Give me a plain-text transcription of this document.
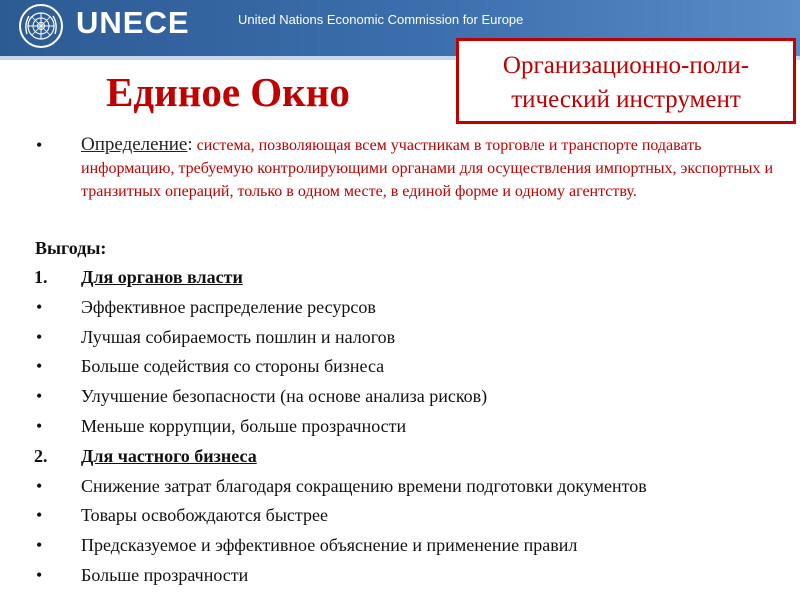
UNECE	United Nations Economic Commission for Europe
Единое Окно
Организационно-поли-тический инструмент
• Определение: система, позволяющая всем участникам в торговле и транспорте подавать информацию, требуемую контролирующими органами для осуществления импортных, экспортных и транзитных операций, только в одном месте, в единой форме и одному агентству.
Выгоды:
1. Для органов власти
• Эффективное распределение ресурсов
• Лучшая собираемость пошлин и налогов
• Больше содействия со стороны бизнеса
• Улучшение безопасности (на основе анализа рисков)
• Меньше коррупции, больше прозрачности
2. Для частного бизнеса
• Снижение затрат благодаря сокращению времени подготовки документов
• Товары освобождаются быстрее
• Предсказуемое и эффективное объяснение и применение правил
• Больше прозрачности
